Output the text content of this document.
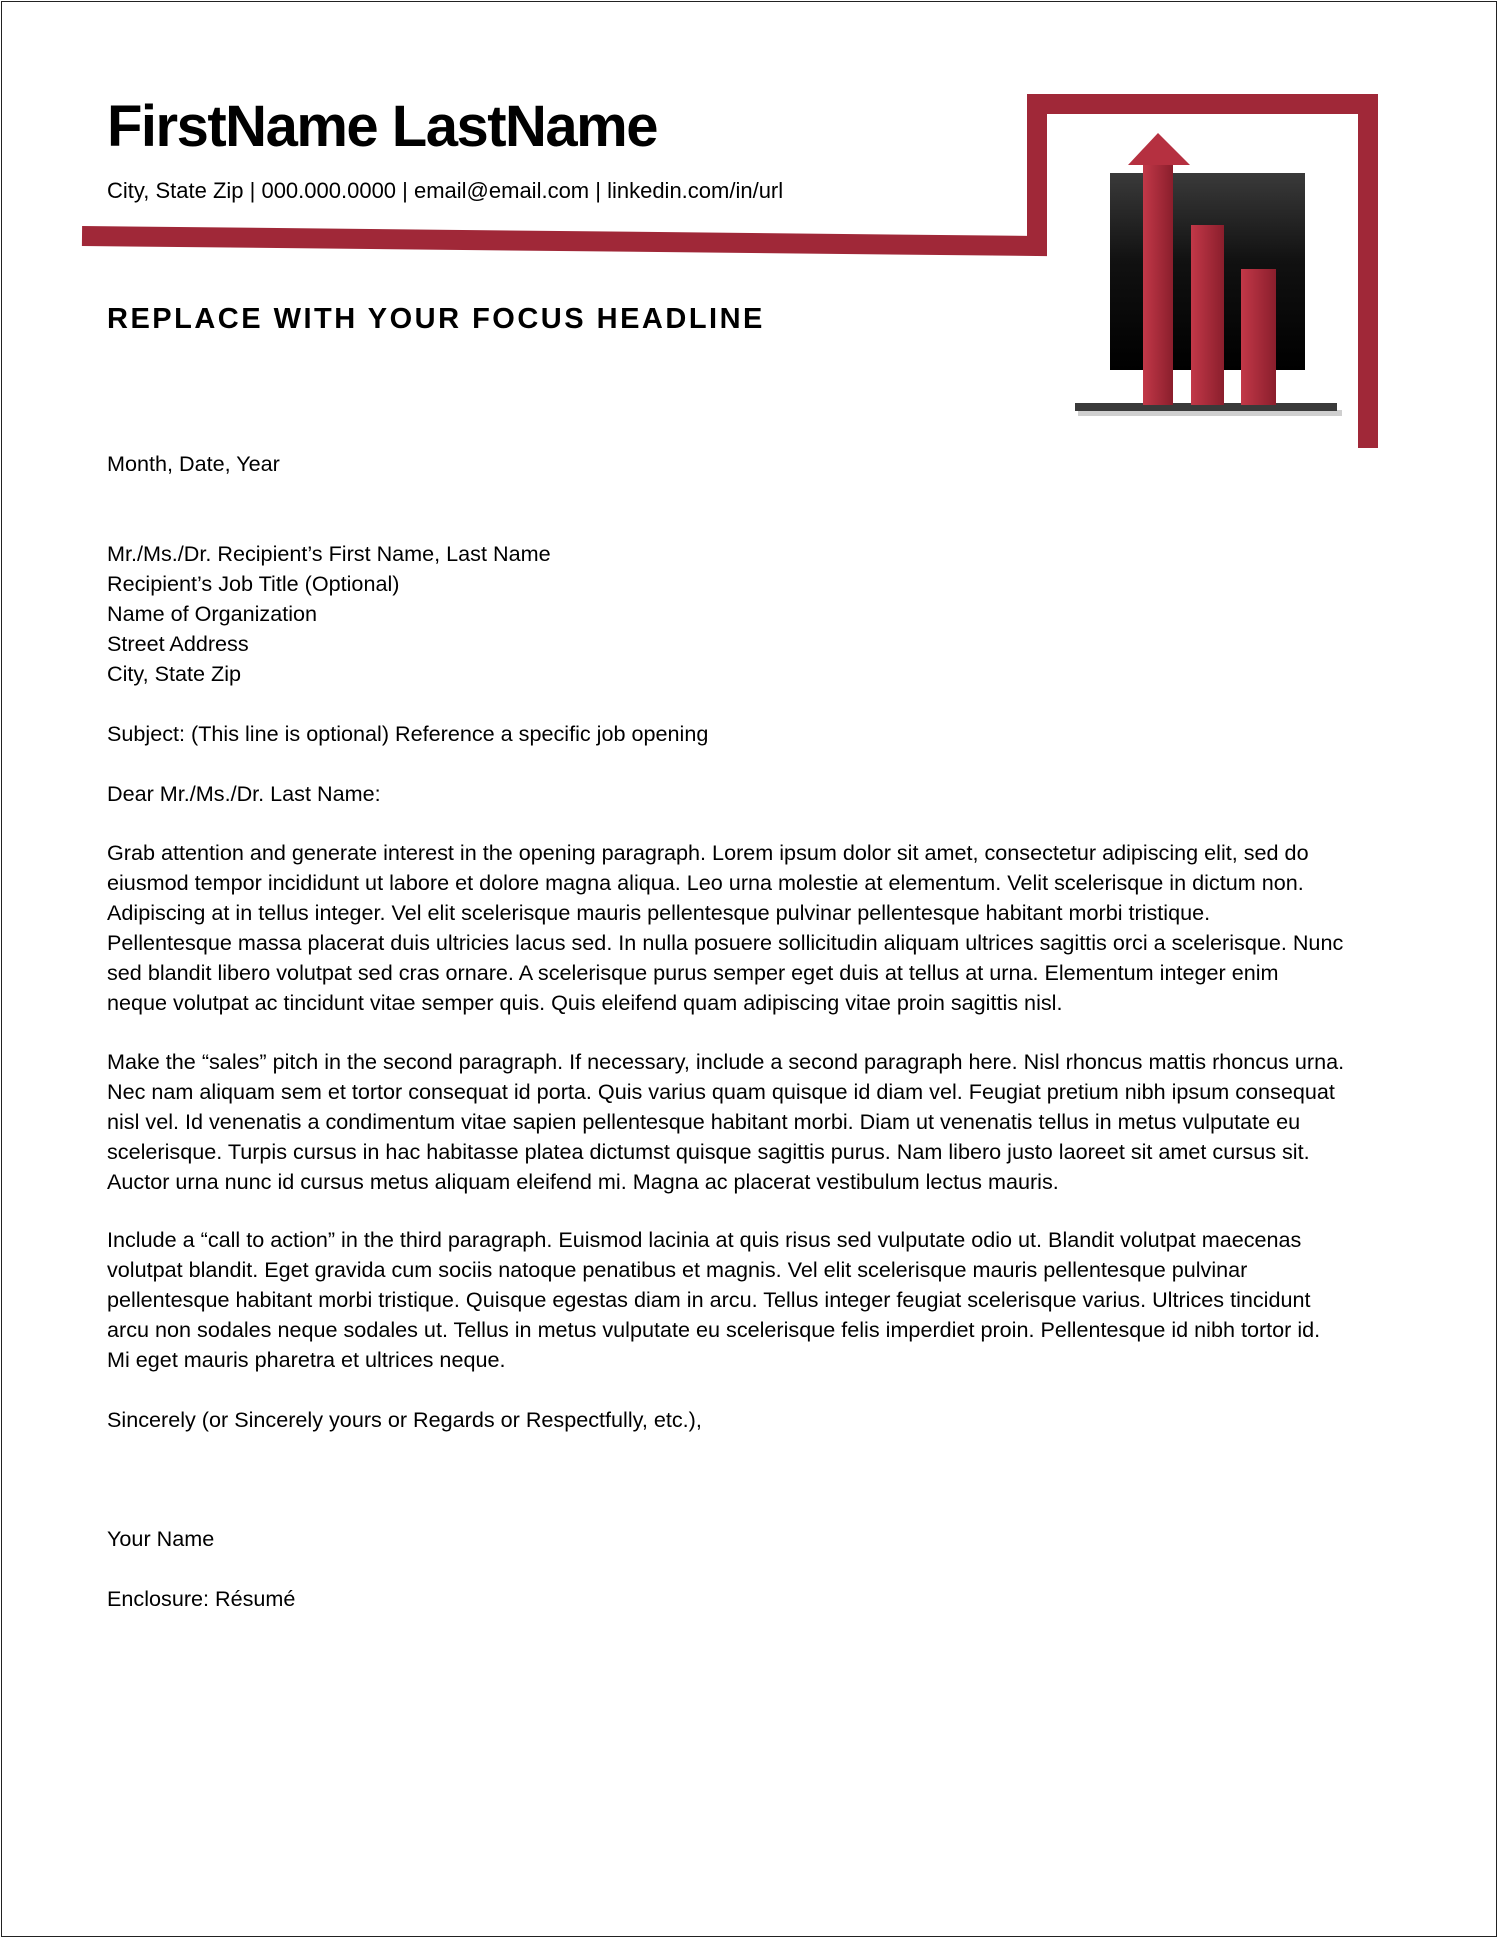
FirstName LastName
City, State Zip | 000.000.0000 | email@email.com | linkedin.com/in/url
REPLACE WITH YOUR FOCUS HEADLINE
Month, Date, Year
Mr./Ms./Dr. Recipient’s First Name, Last Name
Recipient’s Job Title (Optional)
Name of Organization
Street Address
City, State Zip
Subject: (This line is optional) Reference a specific job opening
Dear Mr./Ms./Dr. Last Name:
Grab attention and generate interest in the opening paragraph. Lorem ipsum dolor sit amet, consectetur adipiscing elit, sed do
eiusmod tempor incididunt ut labore et dolore magna aliqua. Leo urna molestie at elementum. Velit scelerisque in dictum non.
Adipiscing at in tellus integer. Vel elit scelerisque mauris pellentesque pulvinar pellentesque habitant morbi tristique.
Pellentesque massa placerat duis ultricies lacus sed. In nulla posuere sollicitudin aliquam ultrices sagittis orci a scelerisque. Nunc
sed blandit libero volutpat sed cras ornare. A scelerisque purus semper eget duis at tellus at urna. Elementum integer enim
neque volutpat ac tincidunt vitae semper quis. Quis eleifend quam adipiscing vitae proin sagittis nisl.
Make the “sales” pitch in the second paragraph. If necessary, include a second paragraph here. Nisl rhoncus mattis rhoncus urna.
Nec nam aliquam sem et tortor consequat id porta. Quis varius quam quisque id diam vel. Feugiat pretium nibh ipsum consequat
nisl vel. Id venenatis a condimentum vitae sapien pellentesque habitant morbi. Diam ut venenatis tellus in metus vulputate eu
scelerisque. Turpis cursus in hac habitasse platea dictumst quisque sagittis purus. Nam libero justo laoreet sit amet cursus sit.
Auctor urna nunc id cursus metus aliquam eleifend mi. Magna ac placerat vestibulum lectus mauris.
Include a “call to action” in the third paragraph. Euismod lacinia at quis risus sed vulputate odio ut. Blandit volutpat maecenas
volutpat blandit. Eget gravida cum sociis natoque penatibus et magnis. Vel elit scelerisque mauris pellentesque pulvinar
pellentesque habitant morbi tristique. Quisque egestas diam in arcu. Tellus integer feugiat scelerisque varius. Ultrices tincidunt
arcu non sodales neque sodales ut. Tellus in metus vulputate eu scelerisque felis imperdiet proin. Pellentesque id nibh tortor id.
Mi eget mauris pharetra et ultrices neque.
Sincerely (or Sincerely yours or Regards or Respectfully, etc.),
Your Name
Enclosure: Résumé
